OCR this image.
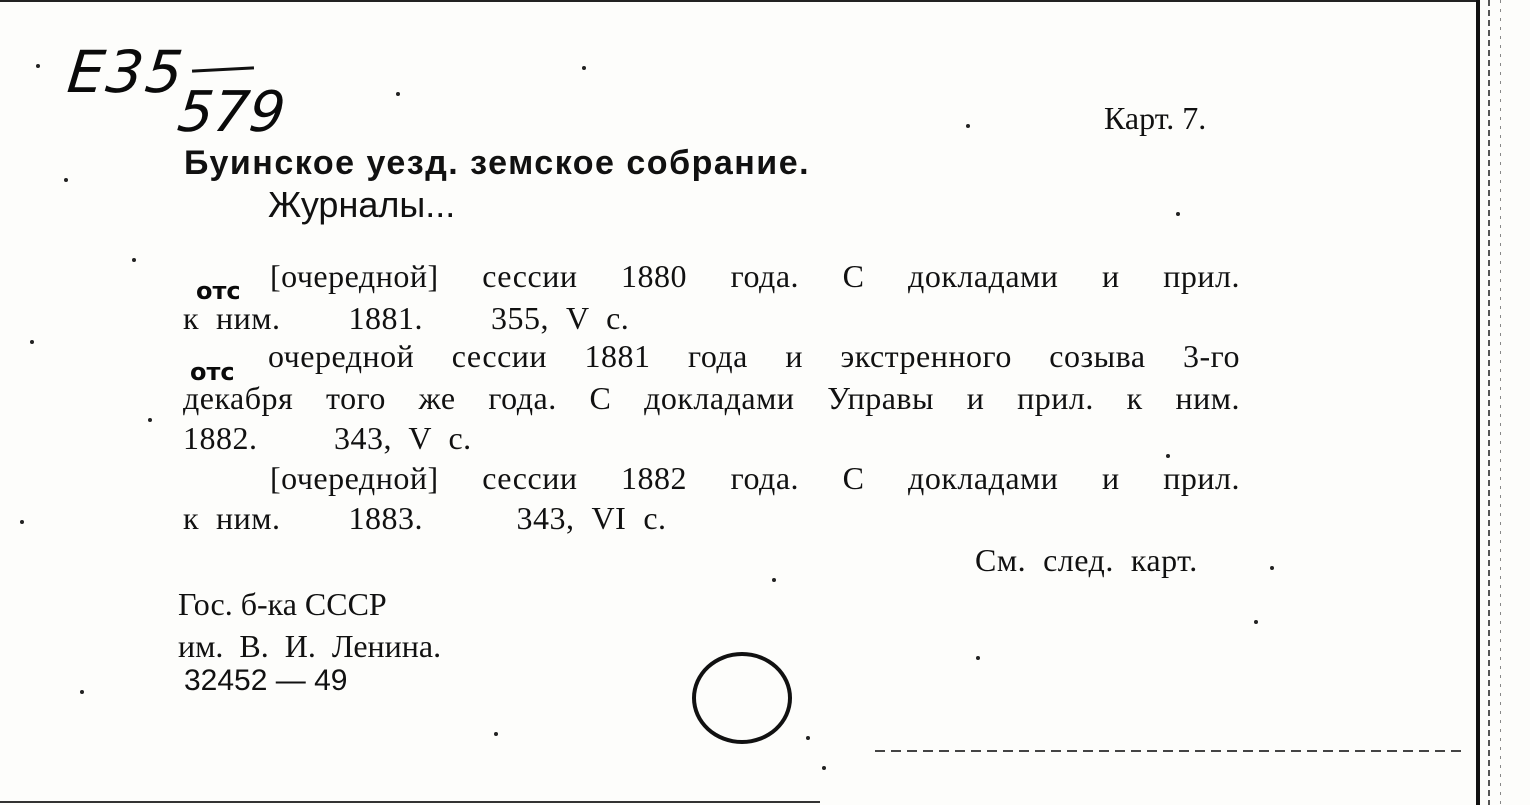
E35
579	Карт. 7.
Буинское уезд. земское собрание.
Журналы...
отс [очередной] сессии 1880 года. С докладами и прил.
к  ним.        1881.        355,  V  с.
отс очередной сессии 1881 года и экстренного созыва 3-го
декабря того же года. С докладами Управы и прил. к ним.
1882.         343,  V  с.
[очередной] сессии 1882 года. С докладами и прил.
к  ним.        1883.           343,  VI  с.
См.  след.  карт.
Гос. б-ка СССР
им.  В.  И.  Ленина.
32452 — 49
